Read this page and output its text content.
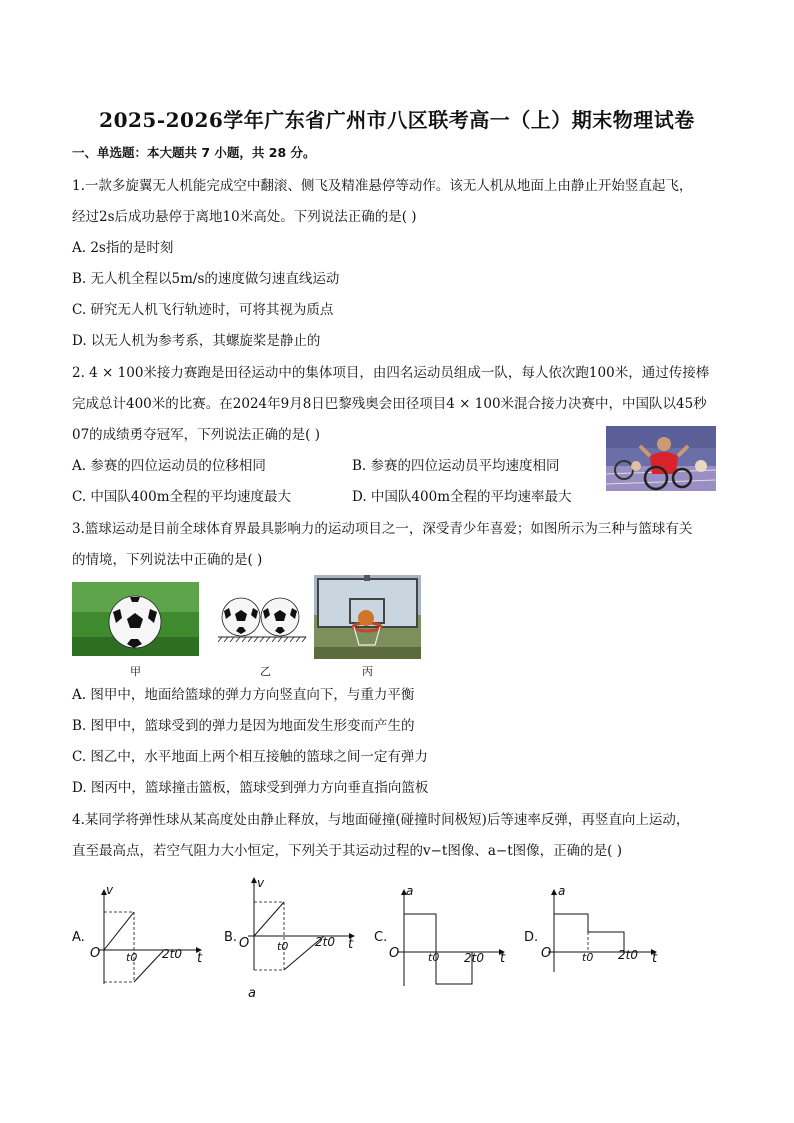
2025-2026学年广东省广州市八区联考高一（上）期末物理试卷
一、单选题：本大题共 7 小题，共 28 分。
1.一款多旋翼无人机能完成空中翻滚、侧飞及精准悬停等动作。该无人机从地面上由静止开始竖直起飞，
经过2s后成功悬停于离地10米高处。下列说法正确的是( )
A. 2s指的是时刻
B. 无人机全程以5m/s的速度做匀速直线运动
C. 研究无人机飞行轨迹时，可将其视为质点
D. 以无人机为参考系，其螺旋桨是静止的
2. 4 × 100米接力赛跑是田径运动中的集体项目，由四名运动员组成一队，每人依次跑100米，通过传接棒
完成总计400米的比赛。在2024年9月8日巴黎残奥会田径项目4 × 100米混合接力决赛中，中国队以45秒
07的成绩勇夺冠军，下列说法正确的是( )
A. 参赛的四位运动员的位移相同	B. 参赛的四位运动员平均速度相同
C. 中国队400m全程的平均速度最大	D. 中国队400m全程的平均速率最大
3.篮球运动是目前全球体育界最具影响力的运动项目之一，深受青少年喜爱；如图所示为三种与篮球有关
的情境，下列说法中正确的是( )
甲	乙	丙
A. 图甲中，地面给篮球的弹力方向竖直向下，与重力平衡
B. 图甲中，篮球受到的弹力是因为地面发生形变而产生的
C. 图乙中，水平地面上两个相互接触的篮球之间一定有弹力
D. 图丙中，篮球撞击篮板，篮球受到弹力方向垂直指向篮板
4.某同学将弹性球从某高度处由静止释放，与地面碰撞(碰撞时间极短)后等速率反弹，再竖直向上运动，
直至最高点，若空气阻力大小恒定，下列关于其运动过程的v−t图像、a−t图像，正确的是( )
A.
v
O t0 2t0 t
B.
v
O	t0 2t0 t
a
C.
a
O	t0 2t0 t
D.
a
O	t0 2t0 t
